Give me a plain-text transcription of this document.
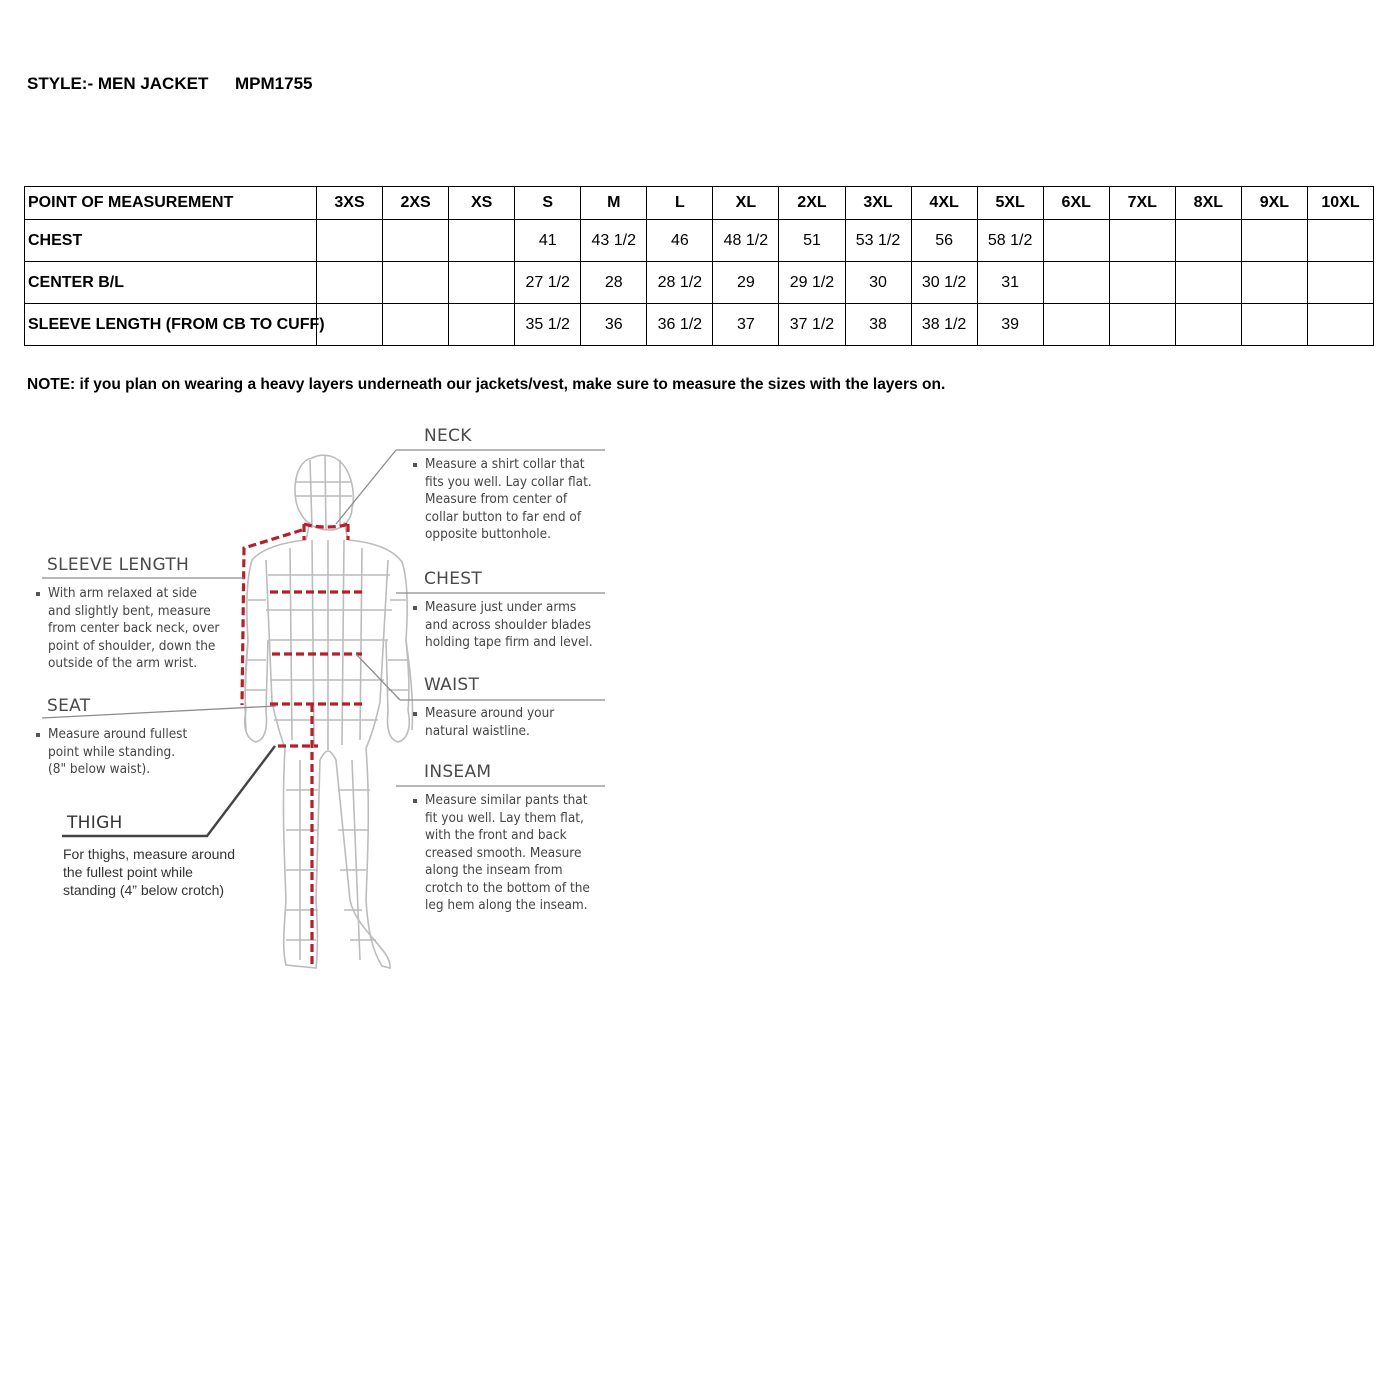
STYLE:- MEN JACKET MPM1755
POINT OF MEASUREMENT	3XS	2XS	XS	S	M	L	XL	2XL	3XL	4XL	5XL	6XL	7XL	8XL	9XL	10XL
CHEST				41	43 1/2	46	48 1/2	51	53 1/2	56	58 1/2					
CENTER B/L				27 1/2	28	28 1/2	29	29 1/2	30	30 1/2	31					
SLEEVE LENGTH (FROM CB TO CUFF)				35 1/2	36	36 1/2	37	37 1/2	38	38 1/2	39					
NOTE: if you plan on wearing a heavy layers underneath our jackets/vest, make sure to measure the sizes with the layers on.
NECK
Measure a shirt collar that
fits you well. Lay collar flat.
Measure from center of
collar button to far end of
opposite buttonhole.
CHEST
Measure just under arms
and across shoulder blades
holding tape firm and level.
WAIST
Measure around your
natural waistline.
INSEAM
Measure similar pants that
fit you well. Lay them flat,
with the front and back
creased smooth. Measure
along the inseam from
crotch to the bottom of the
leg hem along the inseam.
SLEEVE LENGTH
With arm relaxed at side
and slightly bent, measure
from center back neck, over
point of shoulder, down the
outside of the arm wrist.
SEAT
Measure around fullest
point while standing.
(8" below waist).
THIGH
For thighs, measure around
the fullest point while
standing (4” below crotch)
